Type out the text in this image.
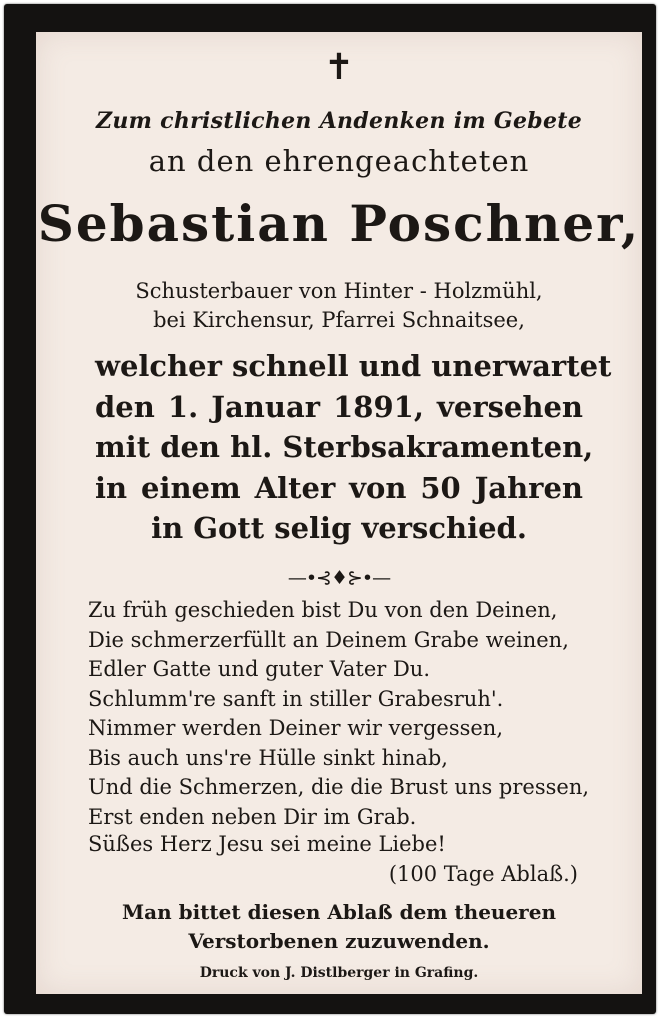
✝
Zum christlichen Andenken im Gebete
an den ehrengeachteten
Sebastian Poschner,
Schusterbauer von Hinter - Holzmühl,
bei Kirchensur, Pfarrei Schnaitsee,
welcher schnell und unerwartet
den 1. Januar 1891, versehen
mit den hl. Sterbsakramenten,
in einem Alter von 50 Jahren
in Gott selig verschied.
—•⊰♦⊱•—
Zu früh geschieden bist Du von den Deinen,
Die schmerzerfüllt an Deinem Grabe weinen,
Edler Gatte und guter Vater Du.
Schlumm're sanft in stiller Grabesruh'.
Nimmer werden Deiner wir vergessen,
Bis auch uns're Hülle sinkt hinab,
Und die Schmerzen, die die Brust uns pressen,
Erst enden neben Dir im Grab.
Süßes Herz Jesu sei meine Liebe!
(100 Tage Ablaß.)
Man bittet diesen Ablaß dem theueren
Verstorbenen zuzuwenden.
Druck von J. Distlberger in Grafing.
